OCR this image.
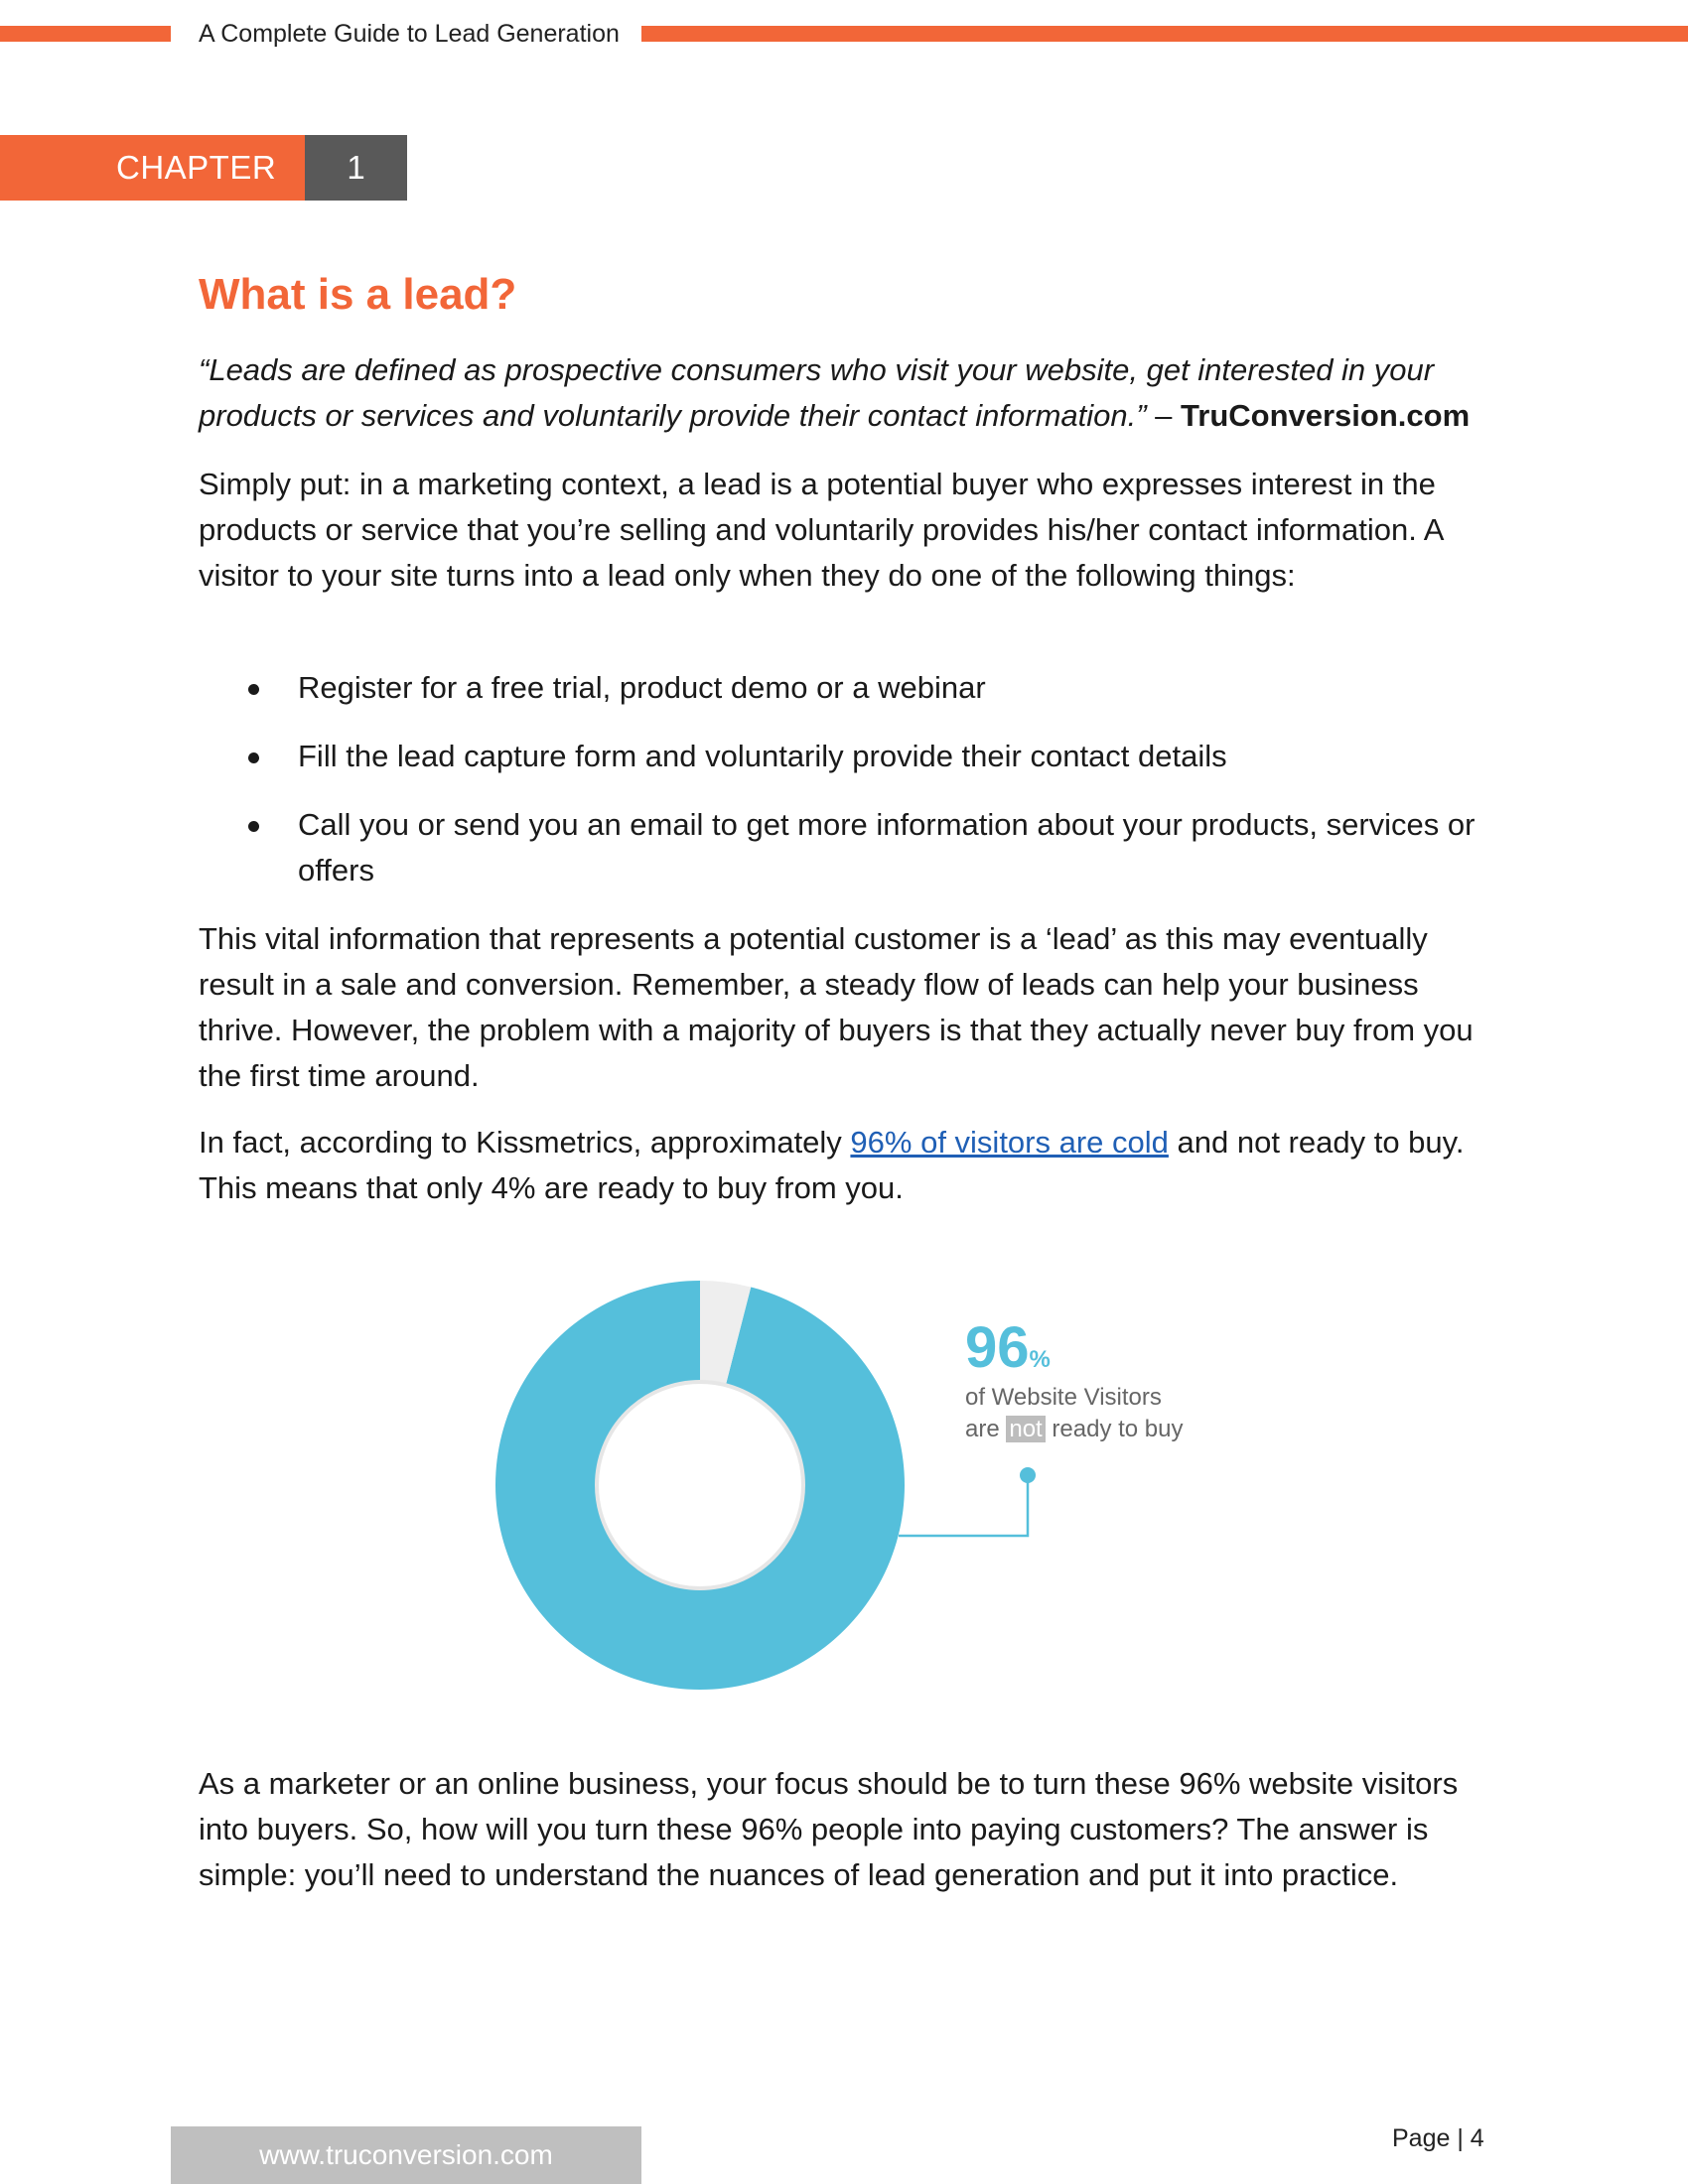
A Complete Guide to Lead Generation
CHAPTER	1
What is a lead?
“Leads are defined as prospective consumers who visit your website, get interested in your products or services and voluntarily provide their contact information.” – TruConversion.com

Simply put: in a marketing context, a lead is a potential buyer who expresses interest in the products or service that you’re selling and voluntarily provides his/her contact information. A visitor to your site turns into a lead only when they do one of the following things:

Register for a free trial, product demo or a webinar
Fill the lead capture form and voluntarily provide their contact details
Call you or send you an email to get more information about your products, services or offers

This vital information that represents a potential customer is a ‘lead’ as this may eventually result in a sale and conversion. Remember, a steady flow of leads can help your business thrive. However, the problem with a majority of buyers is that they actually never buy from you the first time around.

In fact, according to Kissmetrics, approximately 96% of visitors are cold and not ready to buy. This means that only 4% are ready to buy from you.

96%
of Website Visitors
are not ready to buy

As a marketer or an online business, your focus should be to turn these 96% website visitors into buyers. So, how will you turn these 96% people into paying customers? The answer is simple: you’ll need to understand the nuances of lead generation and put it into practice.

www.truconversion.com
Page | 4
